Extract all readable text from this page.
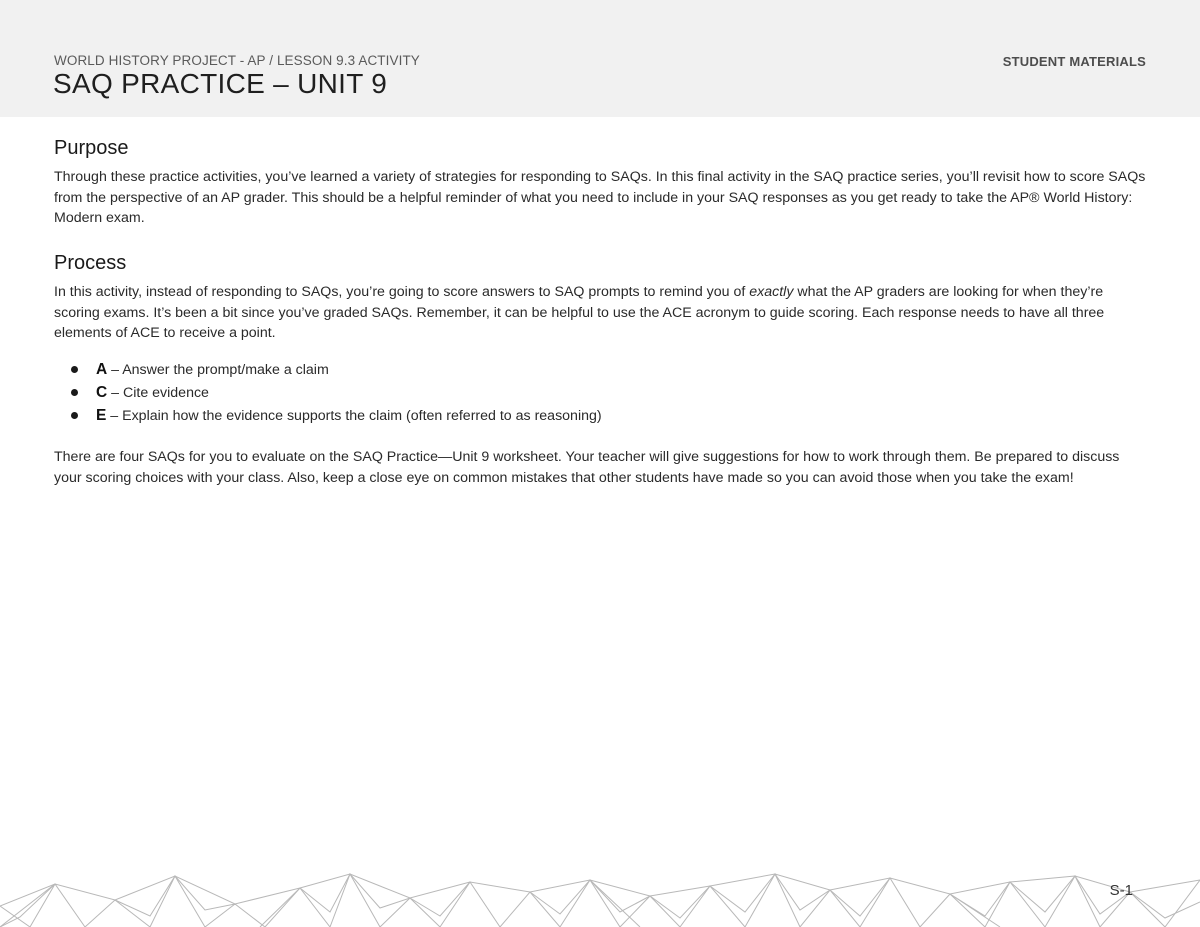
WORLD HISTORY PROJECT - AP / LESSON 9.3 ACTIVITY
SAQ PRACTICE – UNIT 9
STUDENT MATERIALS
Purpose

Through these practice activities, you’ve learned a variety of strategies for responding to SAQs. In this final activity in the SAQ practice series, you’ll revisit how to score SAQs from the perspective of an AP grader. This should be a helpful reminder of what you need to include in your SAQ responses as you get ready to take the AP® World History: Modern exam.

Process

In this activity, instead of responding to SAQs, you’re going to score answers to SAQ prompts to remind you of exactly what the AP graders are looking for when they’re scoring exams. It’s been a bit since you’ve graded SAQs. Remember, it can be helpful to use the ACE acronym to guide scoring. Each response needs to have all three elements of ACE to receive a point.

A – Answer the prompt/make a claim
C – Cite evidence
E – Explain how the evidence supports the claim (often referred to as reasoning)

There are four SAQs for you to evaluate on the SAQ Practice—Unit 9 worksheet. Your teacher will give suggestions for how to work through them. Be prepared to discuss your scoring choices with your class. Also, keep a close eye on common mistakes that other students have made so you can avoid those when you take the exam!

S-1
